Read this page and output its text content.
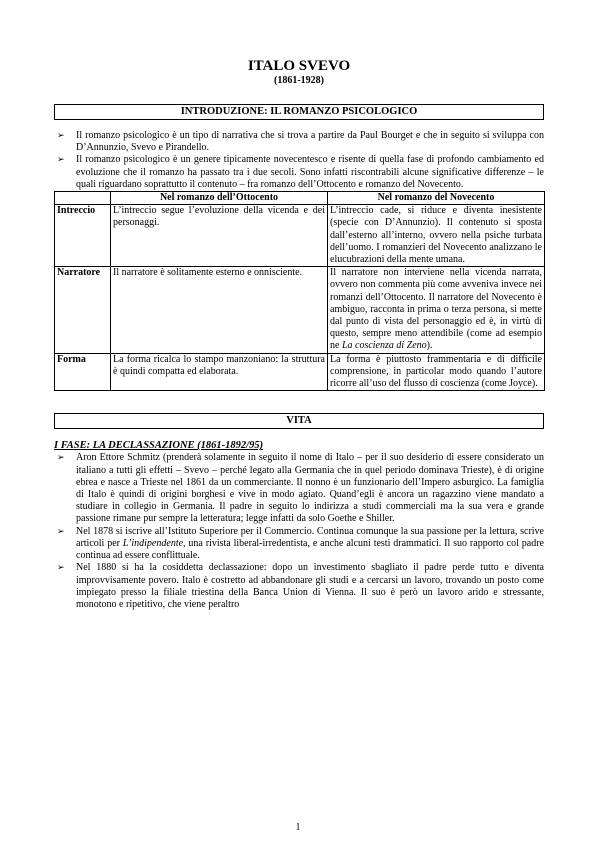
ITALO SVEVO
(1861-1928)
INTRODUZIONE: IL ROMANZO PSICOLOGICO
➢ Il romanzo psicologico è un tipo di narrativa che si trova a partire da Paul Bourget e che in seguito si sviluppa con D’Annunzio, Svevo e Pirandello.
➢ Il romanzo psicologico è un genere tipicamente novecentesco e risente di quella fase di profondo cambiamento ed evoluzione che il romanzo ha passato tra i due secoli. Sono infatti riscontrabili alcune significative differenze – le quali riguardano soprattutto il contenuto – fra romanzo dell’Ottocento e romanzo del Novecento.
	Nel romanzo dell’Ottocento	Nel romanzo del Novecento
Intreccio	L’intreccio segue l’evoluzione della vicenda e dei personaggi.	L’intreccio cade, si riduce e diventa inesistente (specie con D’Annunzio). Il contenuto si sposta dall’esterno all’interno, ovvero nella psiche turbata dell’uomo. I romanzieri del Novecento analizzano le elucubrazioni della mente umana.
Narratore	Il narratore è solitamente esterno e onnisciente.	Il narratore non interviene nella vicenda narrata, ovvero non commenta più come avveniva invece nei romanzi dell’Ottocento. Il narratore del Novecento è ambiguo, racconta in prima o terza persona, si mette dal punto di vista del personaggio ed è, in virtù di questo, sempre meno attendibile (come ad esempio ne La coscienza di Zeno).
Forma	La forma ricalca lo stampo manzoniano: la struttura è quindi compatta ed elaborata.	La forma è piuttosto frammentaria e di difficile comprensione, in particolar modo quando l’autore ricorre all’uso del flusso di coscienza (come Joyce).
VITA
I FASE: LA DECLASSAZIONE (1861-1892/95)
➢ Aron Ettore Schmitz (prenderà solamente in seguito il nome di Italo – per il suo desiderio di essere considerato un italiano a tutti gli effetti – Svevo – perché legato alla Germania che in quel periodo dominava Trieste), è di origine ebrea e nasce a Trieste nel 1861 da un commerciante. Il nonno è un funzionario dell’Impero asburgico. La famiglia di Italo è quindi di origini borghesi e vive in modo agiato. Quand’egli è ancora un ragazzino viene mandato a studiare in collegio in Germania. Il padre in seguito lo indirizza a studi commerciali ma la sua vera e grande passione rimane pur sempre la letteratura; legge infatti da solo Goethe e Shiller.
➢ Nel 1878 si iscrive all’Istituto Superiore per il Commercio. Continua comunque la sua passione per la lettura, scrive articoli per L’indipendente, una rivista liberal-irredentista, e anche alcuni testi drammatici. Il suo rapporto col padre continua ad essere conflittuale.
➢ Nel 1880 si ha la cosiddetta declassazione: dopo un investimento sbagliato il padre perde tutto e diventa improvvisamente povero. Italo è costretto ad abbandonare gli studi e a cercarsi un lavoro, trovando un posto come impiegato presso la filiale triestina della Banca Union di Vienna. Il suo è però un lavoro arido e stressante, monotono e ripetitivo, che viene peraltro
1
